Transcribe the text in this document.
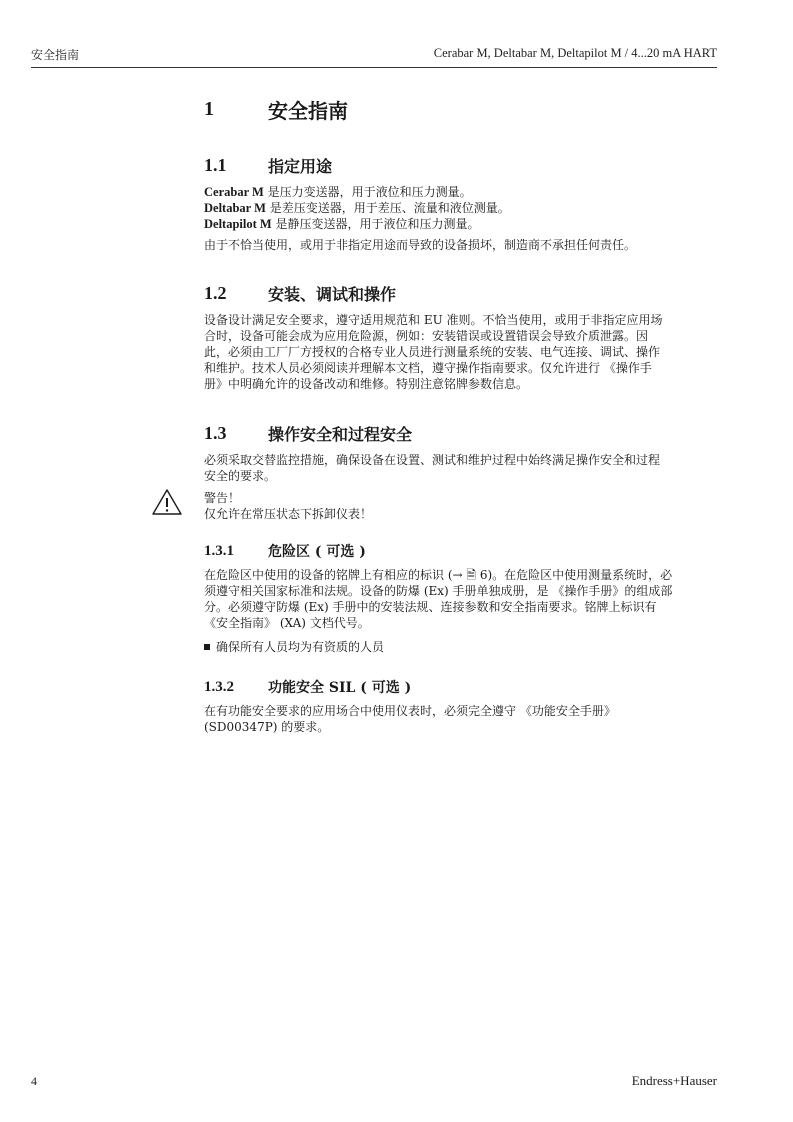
安全指南	Cerabar M, Deltabar M, Deltapilot M / 4...20 mA HART
1	安全指南
1.1	指定用途

Cerabar M 是压力变送器，用于液位和压力测量。

Deltabar M 是差压变送器，用于差压、流量和液位测量。

Deltapilot M 是静压变送器，用于液位和压力测量。

由于不恰当使用，或用于非指定用途而导致的设备损坏，制造商不承担任何责任。

1.2	安装、调试和操作

设备设计满足安全要求，遵守适用规范和 EU 准则。不恰当使用，或用于非指定应用场

合时，设备可能会成为应用危险源，例如：安装错误或设置错误会导致介质泄露。因

此，必须由工厂厂方授权的合格专业人员进行测量系统的安装、电气连接、调试、操作

和维护。技术人员必须阅读并理解本文档，遵守操作指南要求。仅允许进行 《操作手

册》中明确允许的设备改动和维修。特别注意铭牌参数信息。

1.3	操作安全和过程安全

必须采取交替监控措施，确保设备在设置、测试和维护过程中始终满足操作安全和过程

安全的要求。

警告！

仅允许在常压状态下拆卸仪表！

1.3.1	危险区 ( 可选 )

在危险区中使用的设备的铭牌上有相应的标识 (→ 🗎 6)。在危险区中使用测量系统时，必

须遵守相关国家标准和法规。设备的防爆 (Ex) 手册单独成册，是 《操作手册》的组成部

分。必须遵守防爆 (Ex) 手册中的安装法规、连接参数和安全指南要求。铭牌上标识有

《安全指南》 (XA) 文档代号。

确保所有人员均为有资质的人员
1.3.2	功能安全 SIL ( 可选 )

在有功能安全要求的应用场合中使用仪表时，必须完全遵守 《功能安全手册》

(SD00347P) 的要求。

4	Endress+Hauser
